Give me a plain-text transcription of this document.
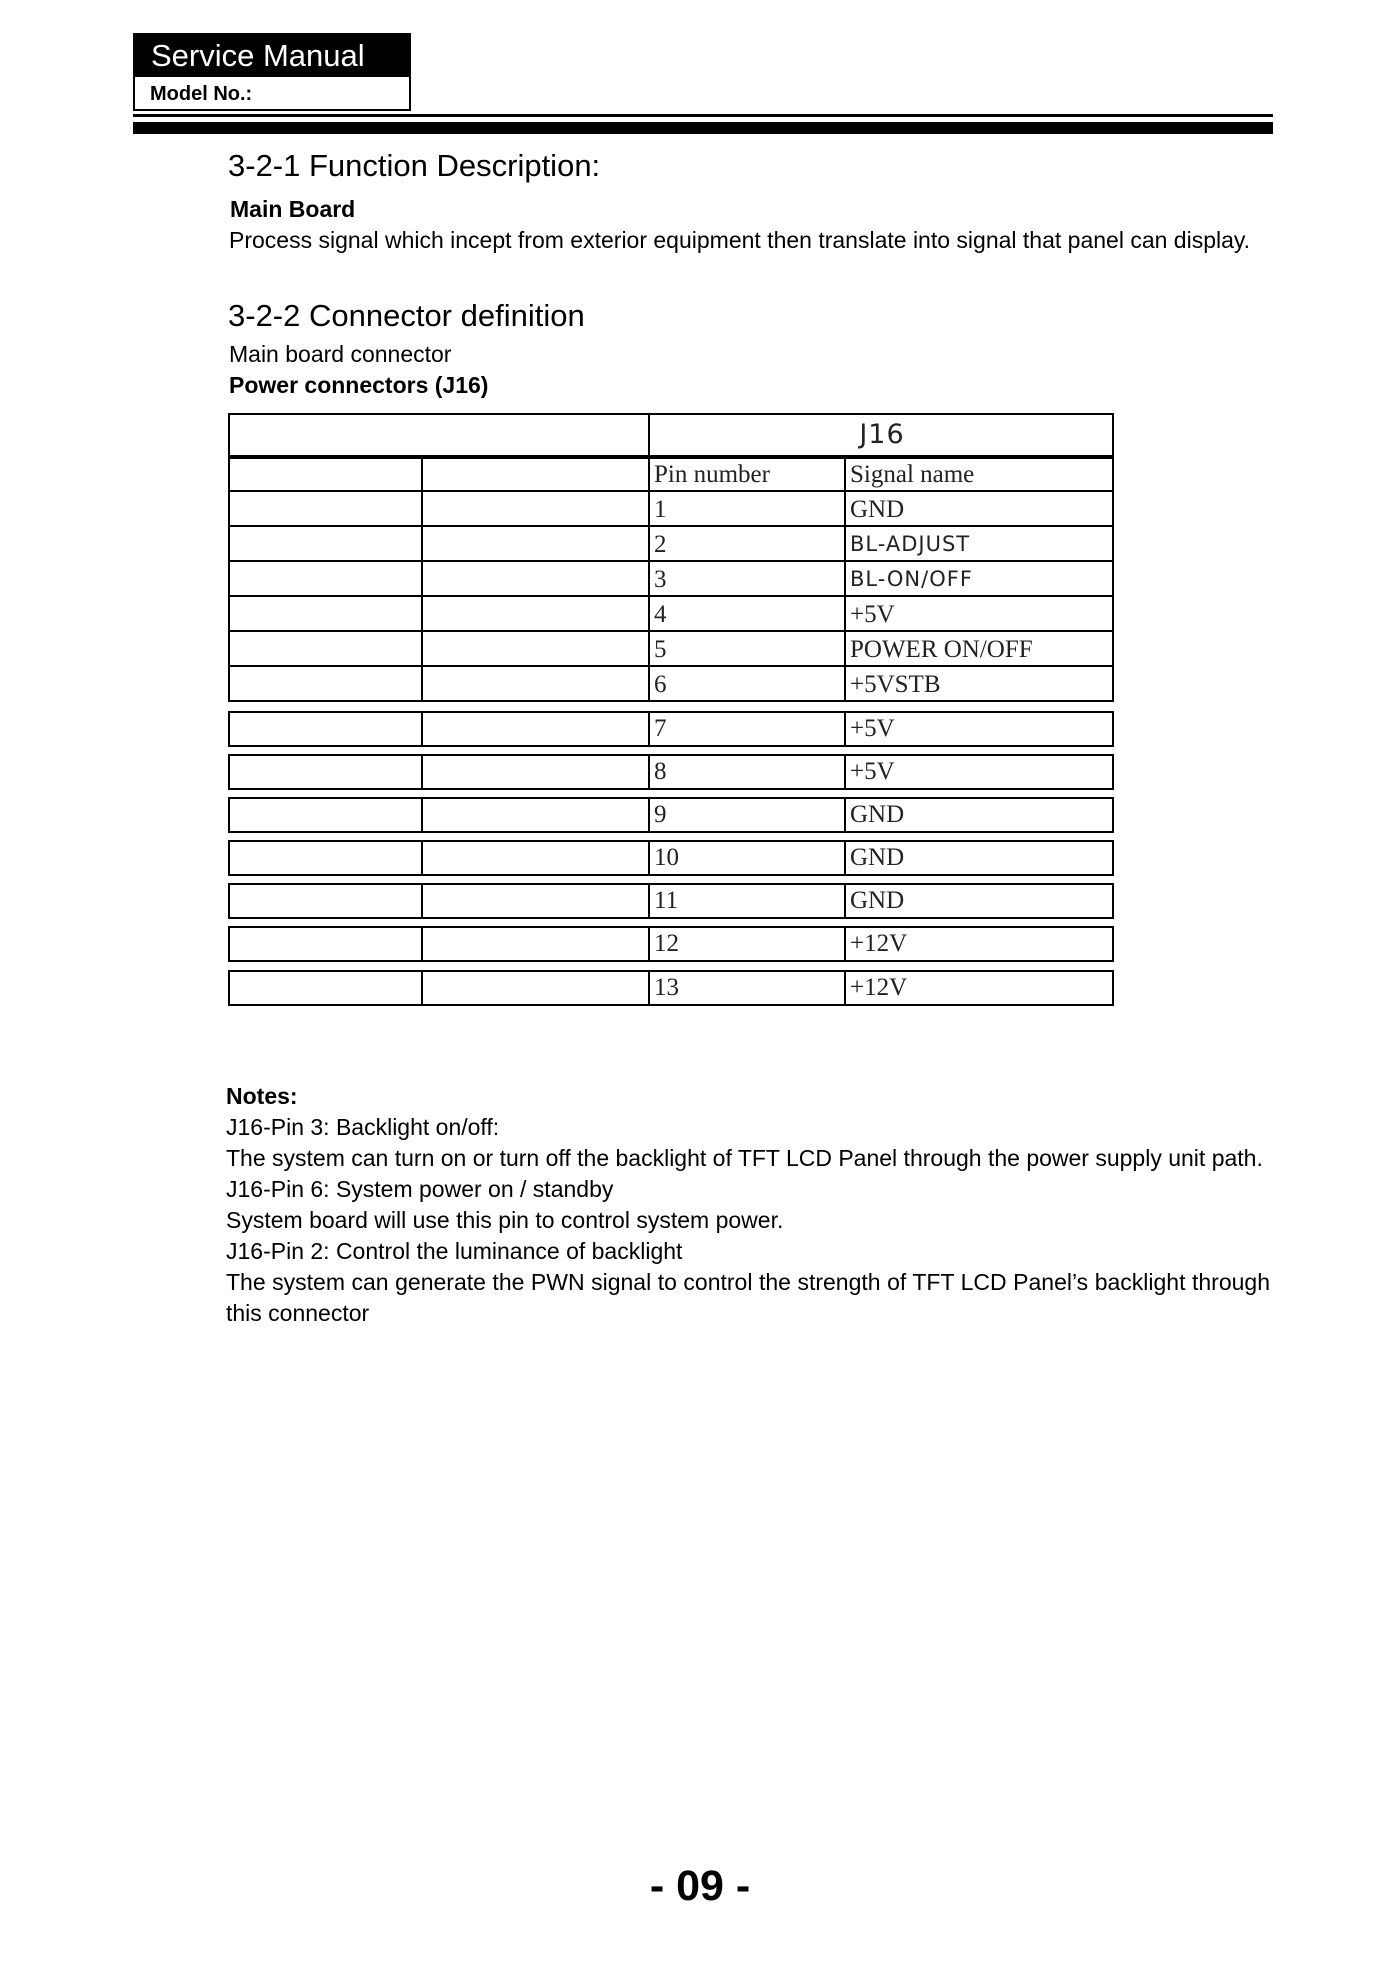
Service Manual
Model No.:
3-2-1 Function Description:
Main Board
Process signal which incept from exterior equipment then translate into signal that panel can display.
3-2-2 Connector definition
Main board connector
Power connectors (J16)
J16
Pin number	Signal name
1	GND
2	BL-ADJUST
3	BL-ON/OFF
4	+5V
5	POWER ON/OFF
6	+5VSTB
7	+5V
8	+5V
9	GND
10	GND
11	GND
12	+12V
13	+12V

Notes:

J16-Pin 3: Backlight on/off:

The system can turn on or turn off the backlight of TFT LCD Panel through the power supply unit path.

J16-Pin 6: System power on / standby

System board will use this pin to control system power.

J16-Pin 2: Control the luminance of backlight

The system can generate the PWN signal to control the strength of TFT LCD Panel’s backlight through this connector

- 09 -
